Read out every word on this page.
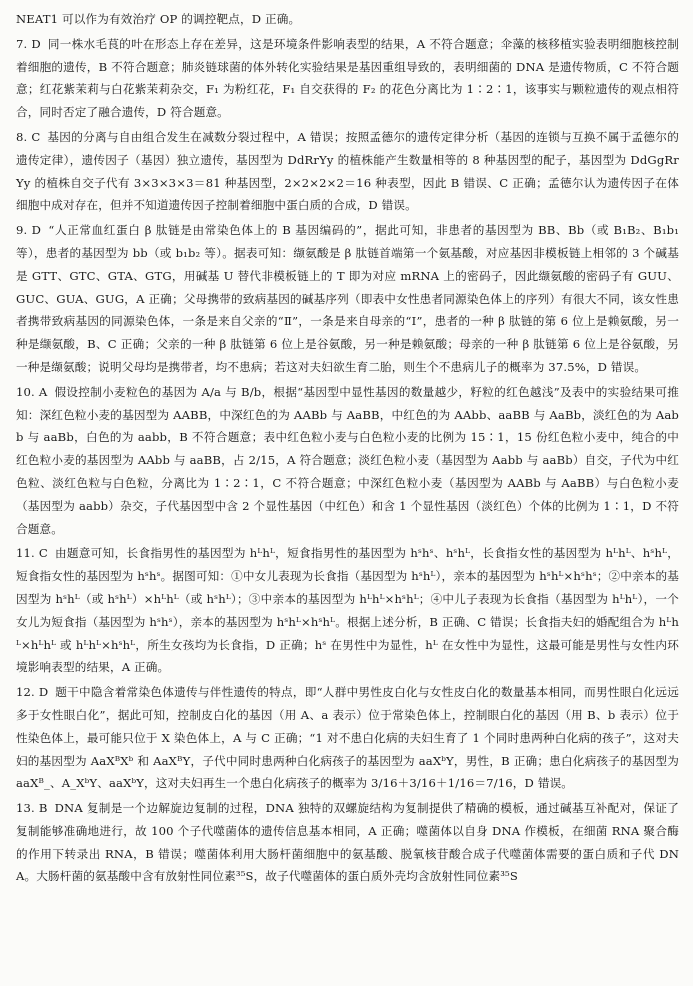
NEAT1 可以作为有效治疗 OP 的调控靶点，D 正确。

7. D 同一株水毛茛的叶在形态上存在差异，这是环境条件影响表型的结果，A 不符合题意；伞藻的核移植实验表明细胞核控制着细胞的遗传，B 不符合题意；肺炎链球菌的体外转化实验结果是基因重组导致的，表明细菌的 DNA 是遗传物质，C 不符合题意；红花紫茉莉与白花紫茉莉杂交，F₁ 为粉红花，F₁ 自交获得的 F₂ 的花色分离比为 1∶2∶1，该事实与颗粒遗传的观点相符合，同时否定了融合遗传，D 符合题意。

8. C 基因的分离与自由组合发生在减数分裂过程中，A 错误；按照孟德尔的遗传定律分析（基因的连锁与互换不属于孟德尔的遗传定律），遗传因子（基因）独立遗传，基因型为 DdRrYy 的植株能产生数量相等的 8 种基因型的配子，基因型为 DdGgRrYy 的植株自交子代有 3×3×3×3＝81 种基因型，2×2×2×2＝16 种表型，因此 B 错误、C 正确；孟德尔认为遗传因子在体细胞中成对存在，但并不知道遗传因子控制着细胞中蛋白质的合成，D 错误。

9. D “人正常血红蛋白 β 肽链是由常染色体上的 B 基因编码的”，据此可知，非患者的基因型为 BB、Bb（或 B₁B₂、B₁b₁ 等），患者的基因型为 bb（或 b₁b₂ 等）。据表可知：缬氨酸是 β 肽链首端第一个氨基酸，对应基因非模板链上相邻的 3 个碱基是 GTT、GTC、GTA、GTG，用碱基 U 替代非模板链上的 T 即为对应 mRNA 上的密码子，因此缬氨酸的密码子有 GUU、GUC、GUA、GUG，A 正确；父母携带的致病基因的碱基序列（即表中女性患者同源染色体上的序列）有很大不同，该女性患者携带致病基因的同源染色体，一条是来自父亲的“Ⅱ”，一条是来自母亲的“Ⅰ”，患者的一种 β 肽链的第 6 位上是赖氨酸，另一种是缬氨酸，B、C 正确；父亲的一种 β 肽链第 6 位上是谷氨酸，另一种是赖氨酸；母亲的一种 β 肽链第 6 位上是谷氨酸，另一种是缬氨酸；说明父母均是携带者，均不患病；若这对夫妇欲生育二胎，则生个不患病儿子的概率为 37.5%，D 错误。

10. A 假设控制小麦粒色的基因为 A/a 与 B/b，根据“基因型中显性基因的数量越少，籽粒的红色越浅”及表中的实验结果可推知：深红色粒小麦的基因型为 AABB，中深红色的为 AABb 与 AaBB，中红色的为 AAbb、aaBB 与 AaBb，淡红色的为 Aabb 与 aaBb，白色的为 aabb，B 不符合题意；表中红色粒小麦与白色粒小麦的比例为 15∶1，15 份红色粒小麦中，纯合的中红色粒小麦的基因型为 AAbb 与 aaBB，占 2/15，A 符合题意；淡红色粒小麦（基因型为 Aabb 与 aaBb）自交，子代为中红色粒、淡红色粒与白色粒，分离比为 1∶2∶1，C 不符合题意；中深红色粒小麦（基因型为 AABb 与 AaBB）与白色粒小麦（基因型为 aabb）杂交，子代基因型中含 2 个显性基因（中红色）和含 1 个显性基因（淡红色）个体的比例为 1∶1，D 不符合题意。

11. C 由题意可知，长食指男性的基因型为 hᴸhᴸ，短食指男性的基因型为 hˢhˢ、hˢhᴸ，长食指女性的基因型为 hᴸhᴸ、hˢhᴸ，短食指女性的基因型为 hˢhˢ。据图可知：①中女儿表现为长食指（基因型为 hˢhᴸ），亲本的基因型为 hˢhᴸ×hˢhˢ；②中亲本的基因型为 hˢhᴸ（或 hˢhᴸ）×hᴸhᴸ（或 hˢhᴸ）；③中亲本的基因型为 hᴸhᴸ×hˢhᴸ；④中儿子表现为长食指（基因型为 hᴸhᴸ），一个女儿为短食指（基因型为 hˢhˢ），亲本的基因型为 hˢhᴸ×hˢhᴸ。根据上述分析，B 正确、C 错误；长食指夫妇的婚配组合为 hᴸhᴸ×hᴸhᴸ 或 hᴸhᴸ×hˢhᴸ，所生女孩均为长食指，D 正确；hˢ 在男性中为显性，hᴸ 在女性中为显性，这最可能是男性与女性内环境影响表型的结果，A 正确。

12. D 题干中隐含着常染色体遗传与伴性遗传的特点，即“人群中男性皮白化与女性皮白化的数量基本相同，而男性眼白化远远多于女性眼白化”，据此可知，控制皮白化的基因（用 A、a 表示）位于常染色体上，控制眼白化的基因（用 B、b 表示）位于性染色体上，最可能只位于 X 染色体上，A 与 C 正确；“1 对不患白化病的夫妇生育了 1 个同时患两种白化病的孩子”，这对夫妇的基因型为 AaXᴮXᵇ 和 AaXᴮY，子代中同时患两种白化病孩子的基因型为 aaXᵇY，男性，B 正确；患白化病孩子的基因型为 aaXᴮ_、A_XᵇY、aaXᵇY，这对夫妇再生一个患白化病孩子的概率为 3/16＋3/16＋1/16＝7/16，D 错误。

13. B DNA 复制是一个边解旋边复制的过程，DNA 独特的双螺旋结构为复制提供了精确的模板，通过碱基互补配对，保证了复制能够准确地进行，故 100 个子代噬菌体的遗传信息基本相同，A 正确；噬菌体以自身 DNA 作模板，在细菌 RNA 聚合酶的作用下转录出 RNA，B 错误；噬菌体利用大肠杆菌细胞中的氨基酸、脱氧核苷酸合成子代噬菌体需要的蛋白质和子代 DNA。大肠杆菌的氨基酸中含有放射性同位素³⁵S，故子代噬菌体的蛋白质外壳均含放射性同位素³⁵S
